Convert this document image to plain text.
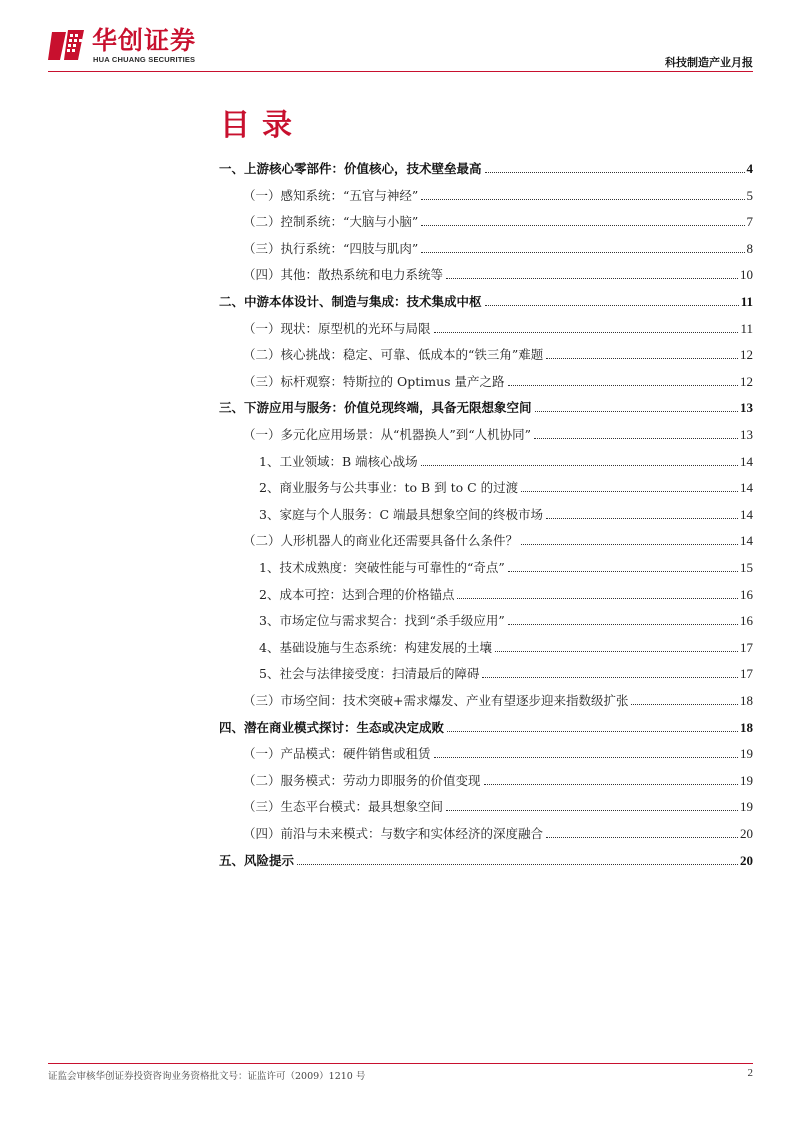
华创证券
HUA CHUANG SECURITIES	科技制造产业月报
目录
一、上游核心零部件：价值核心，技术壁垒最高	4
（一）感知系统：“五官与神经”	5
（二）控制系统：“大脑与小脑”	7
（三）执行系统：“四肢与肌肉”	8
（四）其他：散热系统和电力系统等	10
二、中游本体设计、制造与集成：技术集成中枢	11
（一）现状：原型机的光环与局限	11
（二）核心挑战：稳定、可靠、低成本的“铁三角”难题	12
（三）标杆观察：特斯拉的 Optimus 量产之路	12
三、下游应用与服务：价值兑现终端，具备无限想象空间	13
（一）多元化应用场景：从“机器换人”到“人机协同”	13
1、工业领域：B 端核心战场	14
2、商业服务与公共事业：to B 到 to C 的过渡	14
3、家庭与个人服务：C 端最具想象空间的终极市场	14
（二）人形机器人的商业化还需要具备什么条件？	14
1、技术成熟度：突破性能与可靠性的“奇点”	15
2、成本可控：达到合理的价格锚点	16
3、市场定位与需求契合：找到“杀手级应用”	16
4、基础设施与生态系统：构建发展的土壤	17
5、社会与法律接受度：扫清最后的障碍	17
（三）市场空间：技术突破+需求爆发、产业有望逐步迎来指数级扩张	18
四、潜在商业模式探讨：生态或决定成败	18
（一）产品模式：硬件销售或租赁	19
（二）服务模式：劳动力即服务的价值变现	19
（三）生态平台模式：最具想象空间	19
（四）前沿与未来模式：与数字和实体经济的深度融合	20
五、风险提示	20
证监会审核华创证券投资咨询业务资格批文号：证监许可（2009）1210 号	2
